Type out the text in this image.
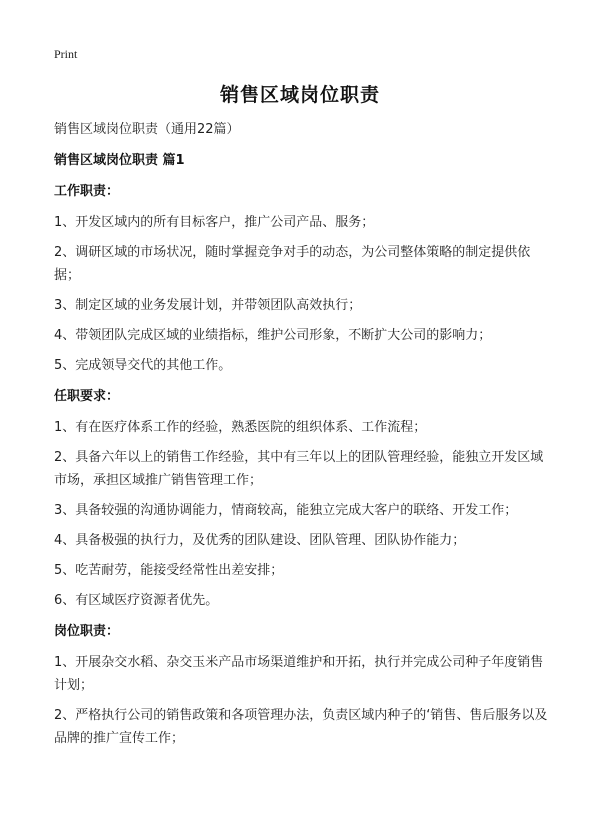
Print
销售区域岗位职责

销售区域岗位职责（通用22篇）

销售区域岗位职责 篇1

工作职责：

1、开发区域内的所有目标客户，推广公司产品、服务；

2、调研区域的市场状况，随时掌握竞争对手的动态，为公司整体策略的制定提供依据；

3、制定区域的业务发展计划，并带领团队高效执行；

4、带领团队完成区域的业绩指标，维护公司形象，不断扩大公司的影响力；

5、完成领导交代的其他工作。

任职要求：

1、有在医疗体系工作的经验，熟悉医院的组织体系、工作流程；

2、具备六年以上的销售工作经验，其中有三年以上的团队管理经验，能独立开发区域市场，承担区域推广销售管理工作；

3、具备较强的沟通协调能力，情商较高，能独立完成大客户的联络、开发工作；

4、具备极强的执行力，及优秀的团队建设、团队管理、团队协作能力；

5、吃苦耐劳，能接受经常性出差安排；

6、有区域医疗资源者优先。

岗位职责：

1、开展杂交水稻、杂交玉米产品市场渠道维护和开拓，执行并完成公司种子年度销售计划；

2、严格执行公司的销售政策和各项管理办法，负责区域内种子的‘销售、售后服务以及品牌的推广宣传工作；
